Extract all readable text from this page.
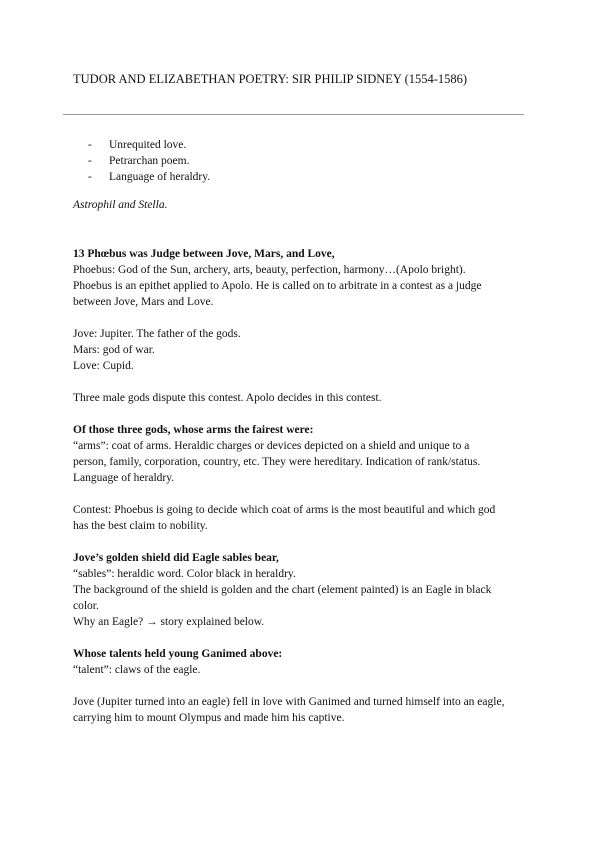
TUDOR AND ELIZABETHAN POETRY: SIR PHILIP SIDNEY (1554-1586)
-	Unrequited love.
-	Petrarchan poem.
-	Language of heraldry.
Astrophil and Stella.

13 Phœbus was Judge between Jove, Mars, and Love,

Phoebus: God of the Sun, archery, arts, beauty, perfection, harmony…(Apolo bright).

Phoebus is an epithet applied to Apolo. He is called on to arbitrate in a contest as a judge

between Jove, Mars and Love.

Jove: Jupiter. The father of the gods.

Mars: god of war.

Love: Cupid.

Three male gods dispute this contest. Apolo decides in this contest.

Of those three gods, whose arms the fairest were:

“arms”: coat of arms. Heraldic charges or devices depicted on a shield and unique to a

person, family, corporation, country, etc. They were hereditary. Indication of rank/status.

Language of heraldry.

Contest: Phoebus is going to decide which coat of arms is the most beautiful and which god

has the best claim to nobility.

Jove’s golden shield did Eagle sables bear,

“sables”: heraldic word. Color black in heraldry.

The background of the shield is golden and the chart (element painted) is an Eagle in black

color.

Why an Eagle? → story explained below.

Whose talents held young Ganimed above:

“talent”: claws of the eagle.

Jove (Jupiter turned into an eagle) fell in love with Ganimed and turned himself into an eagle,

carrying him to mount Olympus and made him his captive.
